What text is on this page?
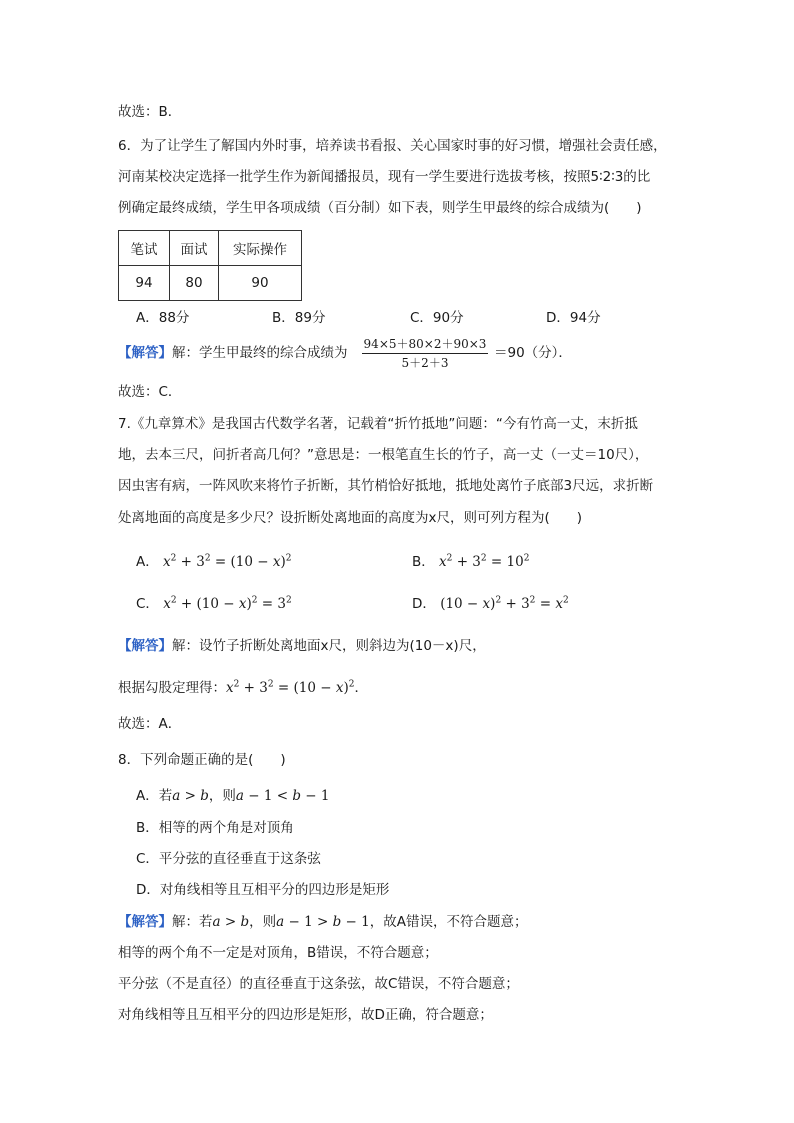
故选：B．
6．为了让学生了解国内外时事，培养读书看报、关心国家时事的好习惯，增强社会责任感，
河南某校决定选择一批学生作为新闻播报员，现有一学生要进行选拔考核，按照5∶2∶3的比
例确定最终成绩，学生甲各项成绩（百分制）如下表，则学生甲最终的综合成绩为(　　)
笔试	面试	实际操作
94	80	90
A．88分	B．89分	C．90分	D．94分
【解答】解：学生甲最终的综合成绩为 $\frac{94\times 5+80\times 2+90\times 3}{5+2+3} =90$（分）．
故选：C．
7.《九章算术》是我国古代数学名著，记载着“折竹抵地”问题：“今有竹高一丈，末折抵
地，去本三尺，问折者高几何？”意思是：一根笔直生长的竹子，高一丈（一丈＝10尺），
因虫害有病，一阵风吹来将竹子折断，其竹梢恰好抵地，抵地处离竹子底部3尺远，求折断
处离地面的高度是多少尺？设折断处离地面的高度为x尺，则可列方程为(　　)
A． $x^2 + 3^2 = (10 - x)^2$	B． $x^2 + 3^2 = 10^2$
C． $x^2 + (10 - x)^2 = 3^2$	D． $(10 - x)^2 + 3^2 = x^2$
【解答】解：设竹子折断处离地面x尺，则斜边为(10－x)尺，
根据勾股定理得：$x^2 + 3^2 = (10 - x)^2$．
故选：A．
8．下列命题正确的是(　　)
A．若a > b，则a − 1 < b − 1
B．相等的两个角是对顶角
C．平分弦的直径垂直于这条弦
D．对角线相等且互相平分的四边形是矩形
【解答】解：若a > b，则a − 1 > b − 1，故A错误，不符合题意；
相等的两个角不一定是对顶角，B错误，不符合题意；
平分弦（不是直径）的直径垂直于这条弦，故C错误，不符合题意；
对角线相等且互相平分的四边形是矩形，故D正确，符合题意；
